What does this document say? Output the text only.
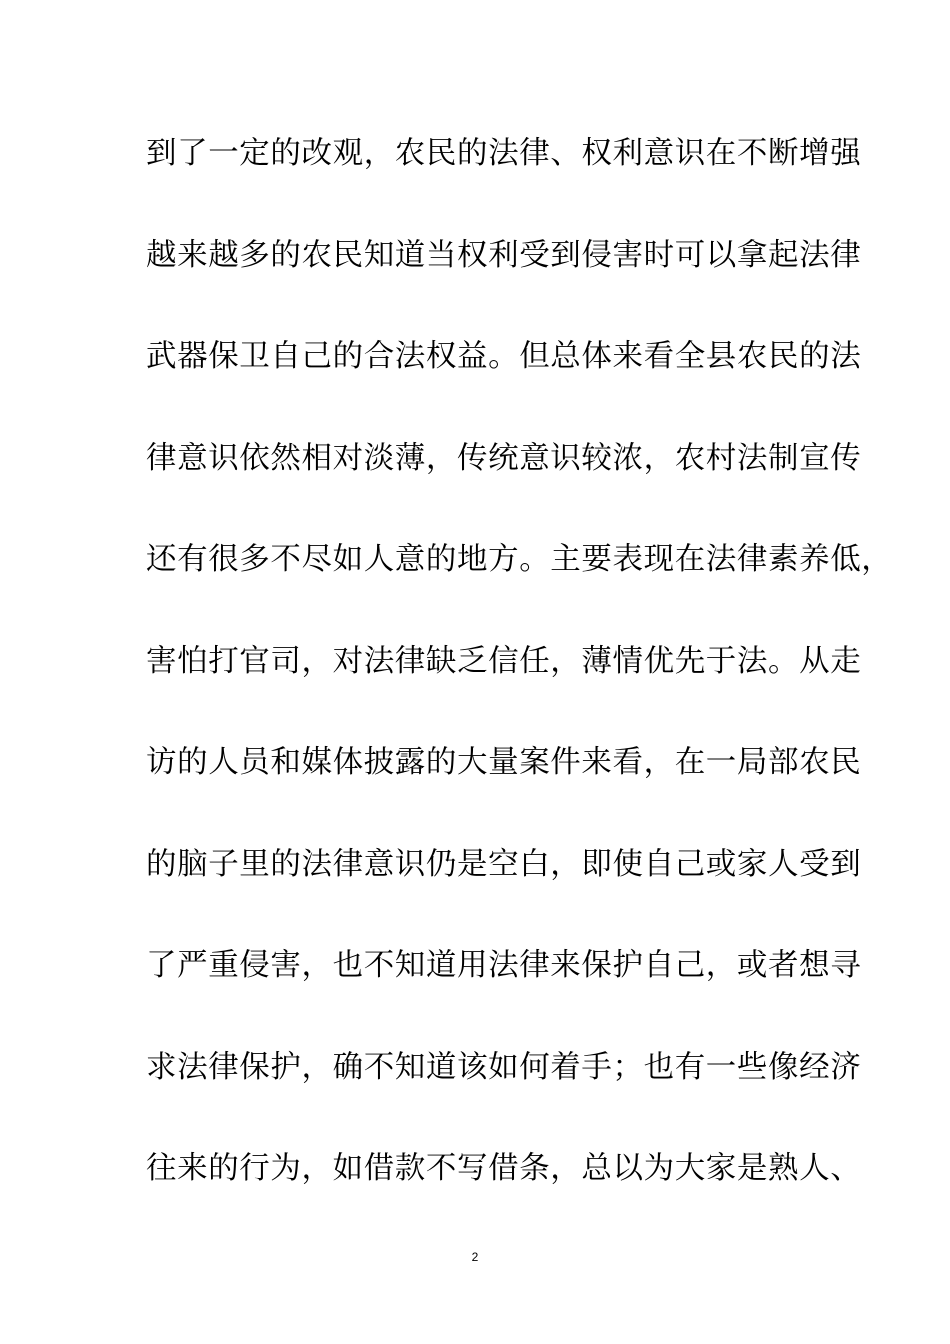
到了一定的改观，农民的法律、权利意识在不断增强
越来越多的农民知道当权利受到侵害时可以拿起法律
武器保卫自己的合法权益。但总体来看全县农民的法
律意识依然相对淡薄，传统意识较浓，农村法制宣传
还有很多不尽如人意的地方。主要表现在法律素养低，
害怕打官司，对法律缺乏信任，薄情优先于法。从走
访的人员和媒体披露的大量案件来看，在一局部农民
的脑子里的法律意识仍是空白，即使自己或家人受到
了严重侵害，也不知道用法律来保护自己，或者想寻
求法律保护，确不知道该如何着手；也有一些像经济
往来的行为，如借款不写借条，总以为大家是熟人、
2
